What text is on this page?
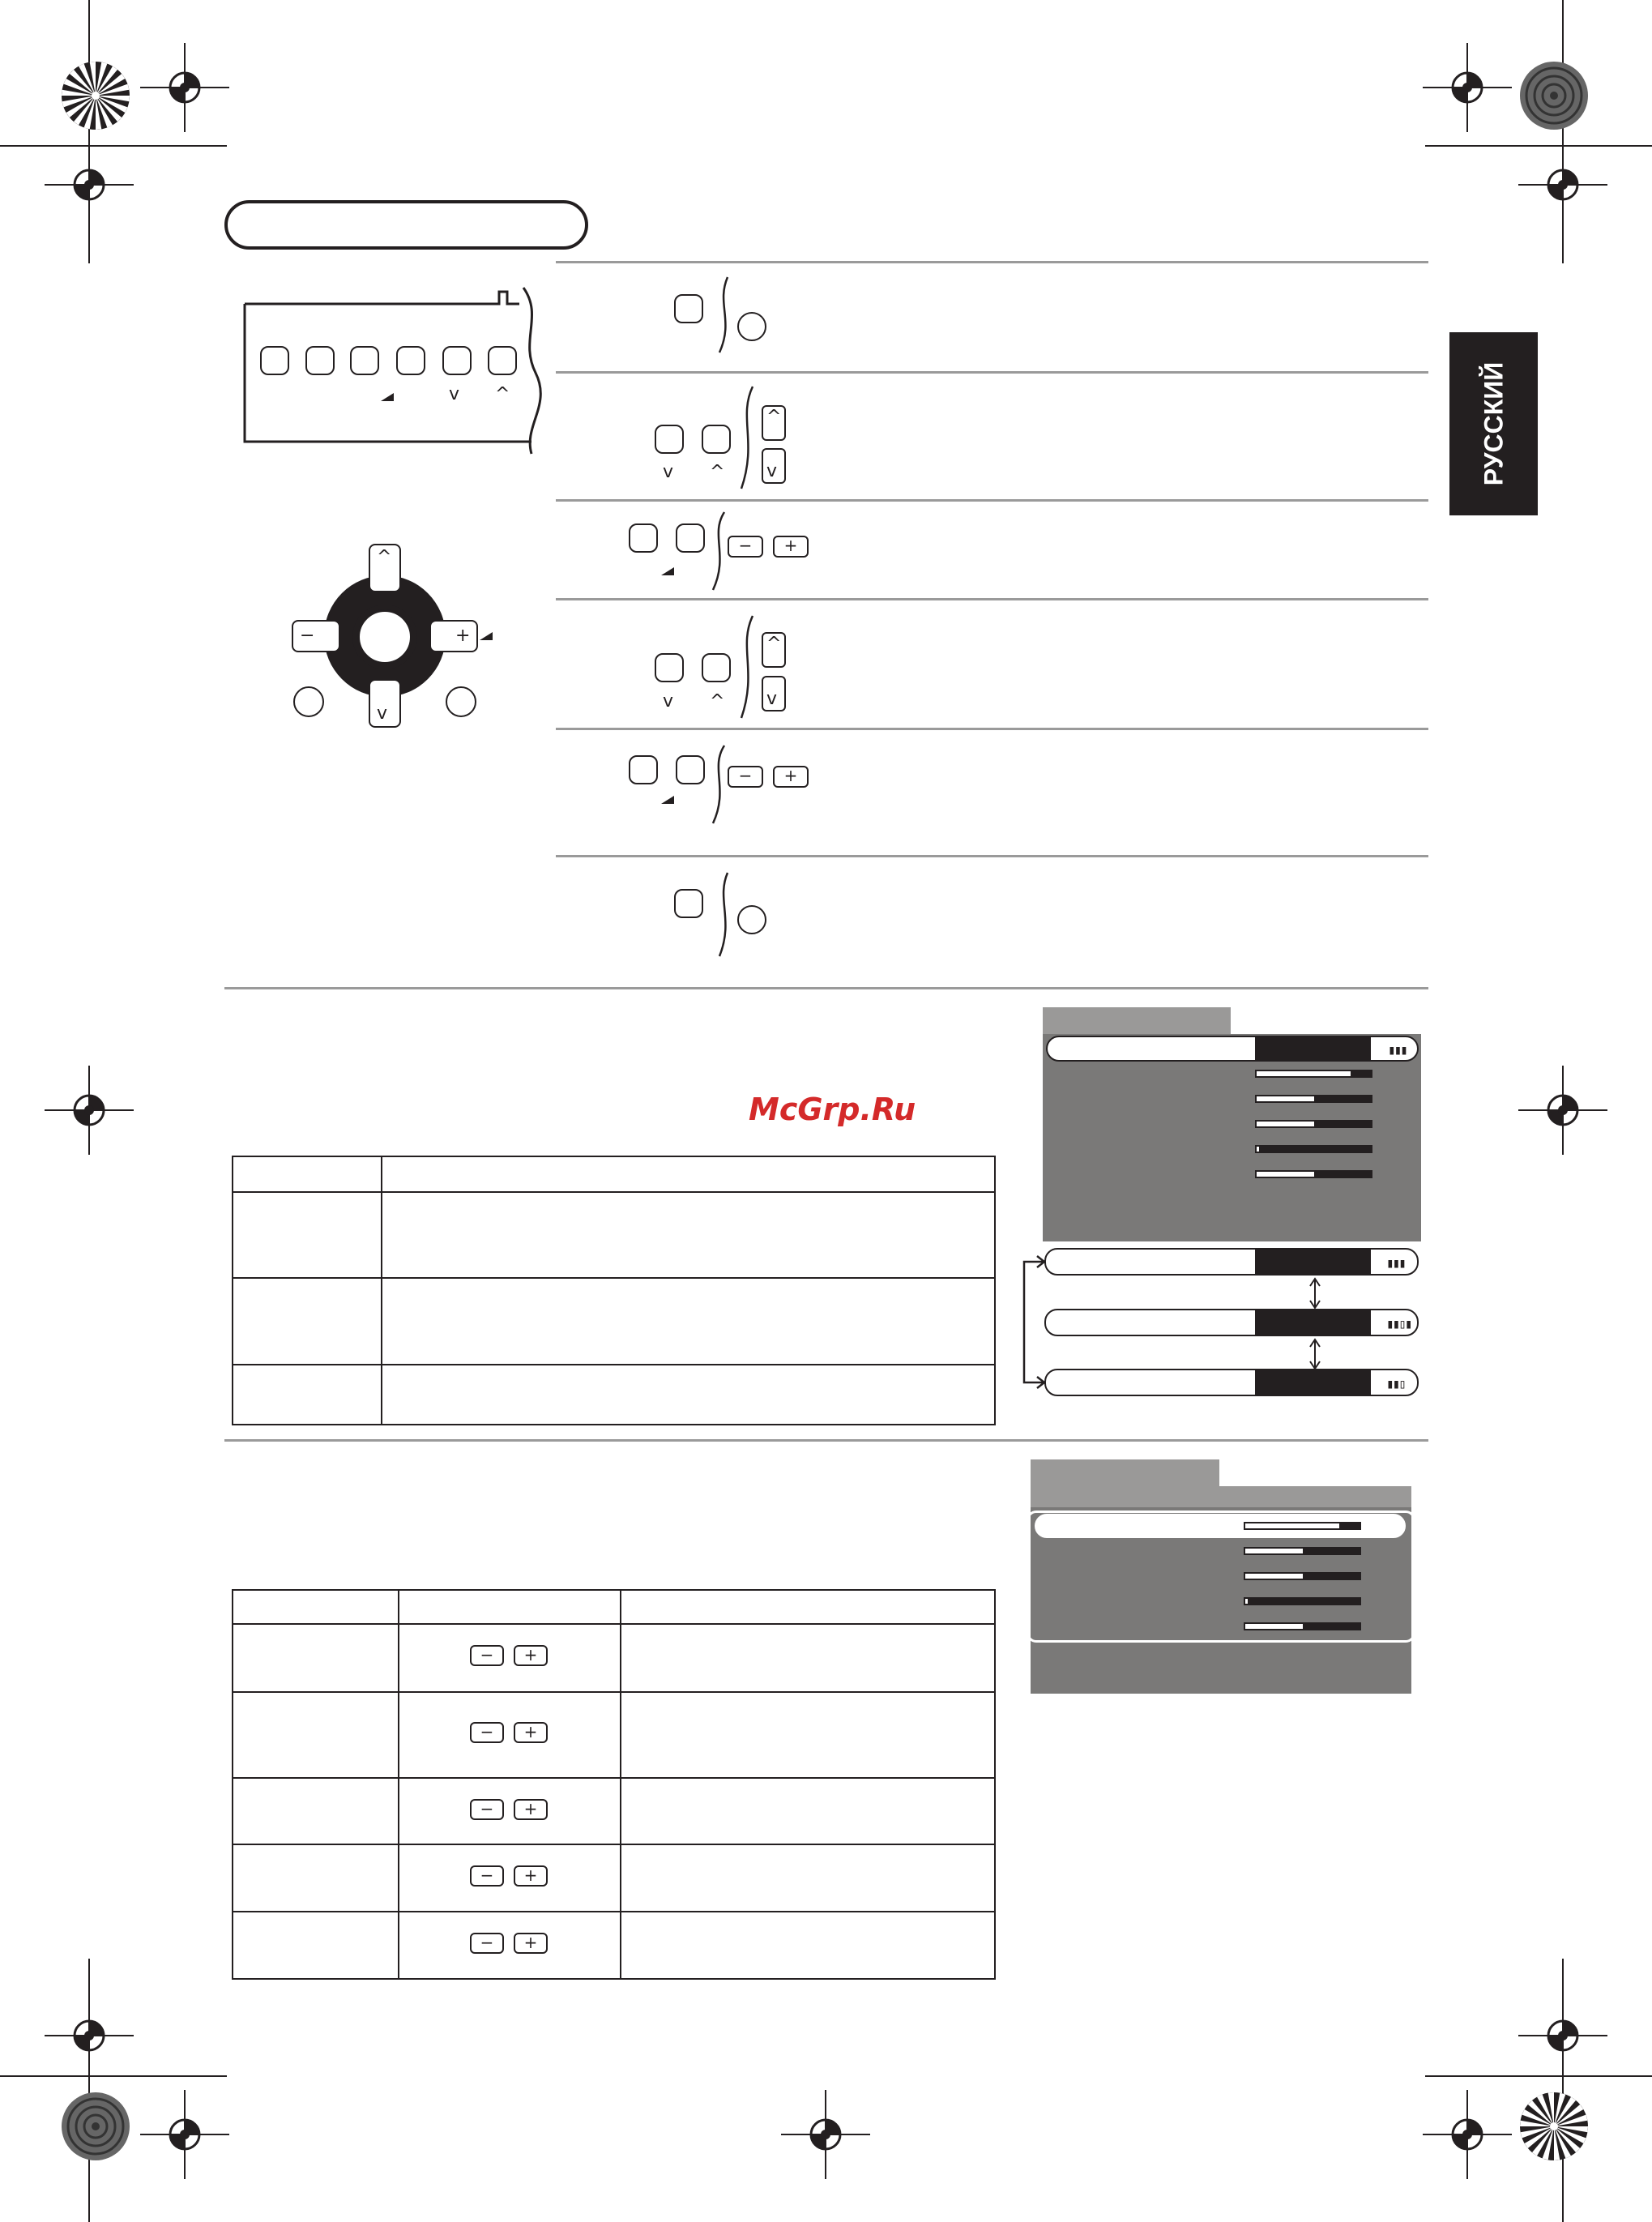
РУССКИЙ
v ^
^
v
−	+
v ^
^
v
−	+
v ^
^
v
−	+
McGrp.Ru

▮▮▮
▮▮▮
▮▮▯▮
▮▮▯

−	+
−	+
−	+
−	+
−	+
